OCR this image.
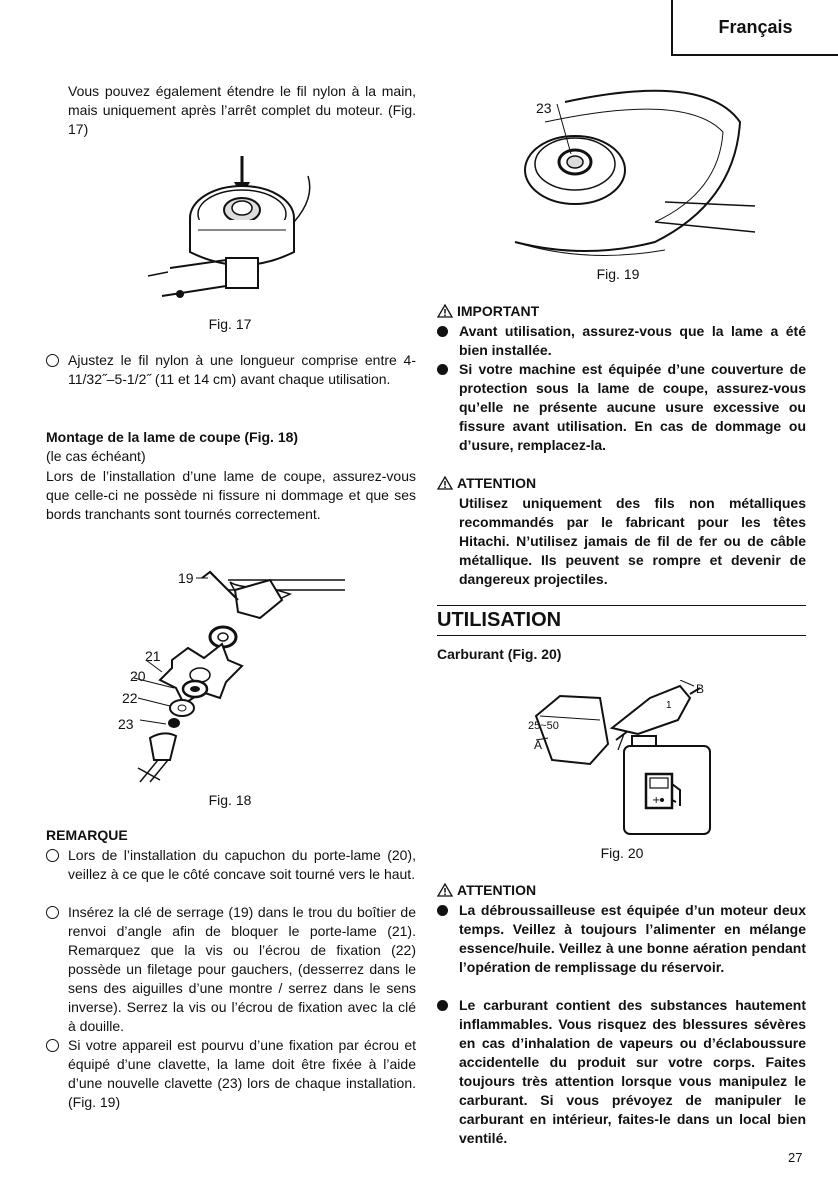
Français
Vous pouvez également étendre le fil nylon à la main, mais uniquement après l’arrêt complet du moteur. (Fig. 17)
Fig. 17
Ajustez le fil nylon à une longueur comprise entre 4-11/32˝–5-1/2˝ (11 et 14 cm) avant chaque utilisation.
Montage de la lame de coupe (Fig. 18)
(le cas échéant)
Lors de l’installation d’une lame de coupe, assurez-vous que celle-ci ne possède ni fissure ni dommage et que ses bords tranchants sont tournés correctement.
19
21
20
22
23
Fig. 18
REMARQUE
Lors de l’installation du capuchon du porte-lame (20), veillez à ce que le côté concave soit tourné vers le haut.
Insérez la clé de serrage (19) dans le trou du boîtier de renvoi d’angle afin de bloquer le porte-lame (21). Remarquez que la vis ou l’écrou de fixation (22) possède un filetage pour gauchers, (desserrez dans le sens des aiguilles d’une montre / serrez dans le sens inverse). Serrez la vis ou l’écrou de fixation avec la clé à douille.
Si votre appareil est pourvu d’une fixation par écrou et équipé d’une clavette, la lame doit être fixée à l’aide d’une nouvelle clavette (23) lors de chaque installation. (Fig. 19)
23
Fig. 19
IMPORTANT
Avant utilisation, assurez-vous que la lame a été bien installée.
Si votre machine est équipée d’une couverture de protection sous la lame de coupe, assurez-vous qu’elle ne présente aucune usure excessive ou fissure avant utilisation. En cas de dommage ou d’usure, remplacez-la.
ATTENTION
Utilisez uniquement des fils non métalliques recommandés par le fabricant pour les têtes Hitachi. N’utilisez jamais de fil de fer ou de câble métallique. Ils peuvent se rompre et devenir de dangereux projectiles.
UTILISATION
Carburant (Fig. 20)
+
25~50
1
A
B
Fig. 20
ATTENTION
La débroussailleuse est équipée d’un moteur deux temps. Veillez à toujours l’alimenter en mélange essence/huile. Veillez à une bonne aération pendant l’opération de remplissage du réservoir.
Le carburant contient des substances hautement inflammables. Vous risquez des blessures sévères en cas d’inhalation de vapeurs ou d’éclaboussure accidentelle du produit sur votre corps. Faites toujours très attention lorsque vous manipulez le carburant. Si vous prévoyez de manipuler le carburant en intérieur, faites-le dans un local bien ventilé.
27
